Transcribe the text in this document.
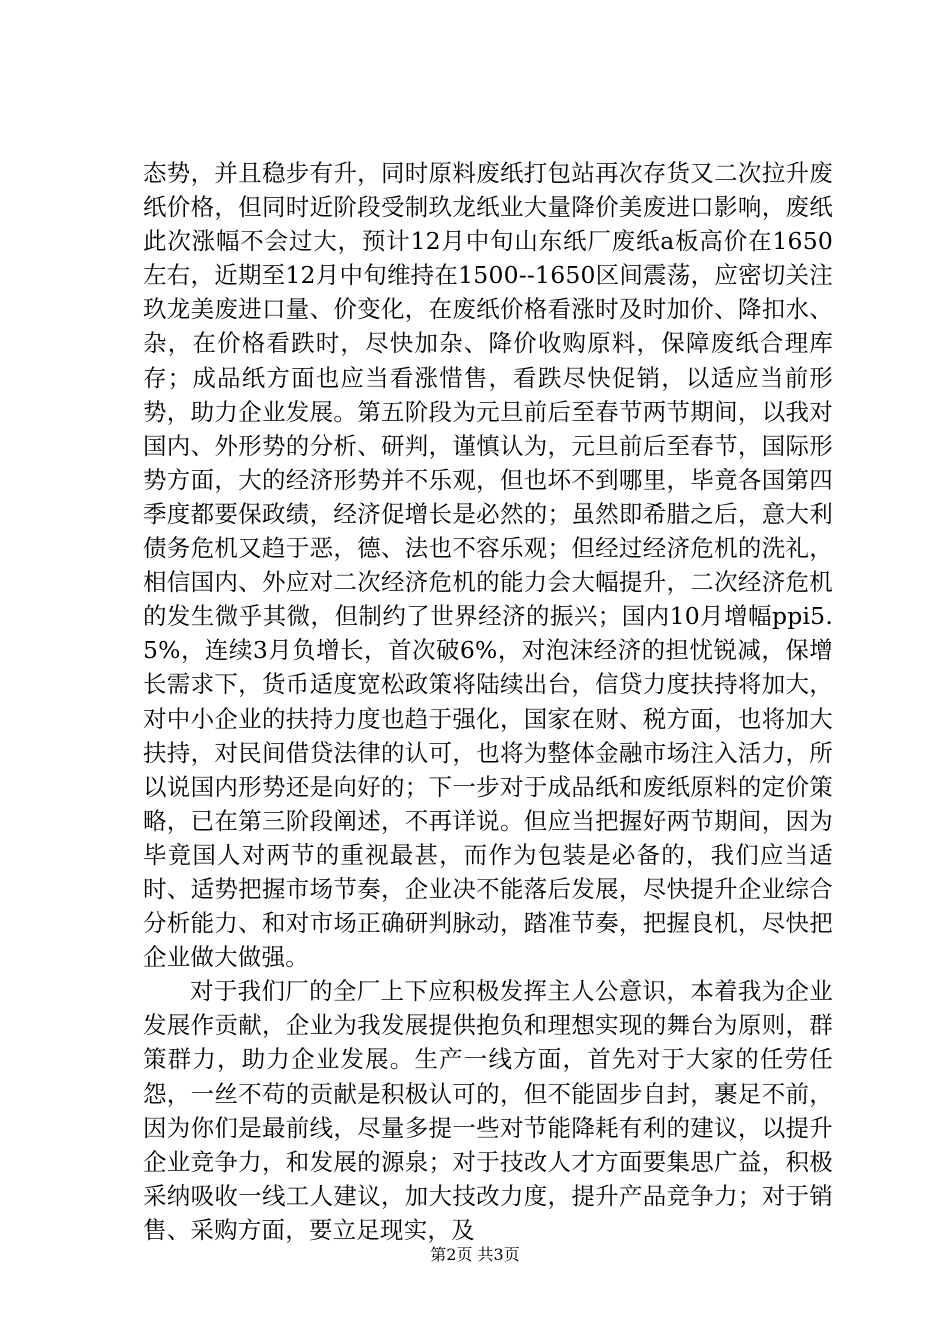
态势，并且稳步有升，同时原料废纸打包站再次存货又二次拉升废纸价格，但同时近阶段受制玖龙纸业大量降价美废进口影响，废纸此次涨幅不会过大，预计12月中旬山东纸厂废纸a板高价在1650左右，近期至12月中旬维持在1500--1650区间震荡，应密切关注玖龙美废进口量、价变化，在废纸价格看涨时及时加价、降扣水、杂，在价格看跌时，尽快加杂、降价收购原料，保障废纸合理库存；成品纸方面也应当看涨惜售，看跌尽快促销，以适应当前形势，助力企业发展。第五阶段为元旦前后至春节两节期间，以我对国内、外形势的分析、研判，谨慎认为，元旦前后至春节，国际形势方面，大的经济形势并不乐观，但也坏不到哪里，毕竟各国第四季度都要保政绩，经济促增长是必然的；虽然即希腊之后，意大利债务危机又趋于恶，德、法也不容乐观；但经过经济危机的洗礼，相信国内、外应对二次经济危机的能力会大幅提升，二次经济危机的发生微乎其微，但制约了世界经济的振兴；国内10月增幅ppi5.5%，连续3月负增长，首次破6%，对泡沫经济的担忧锐减，保增长需求下，货币适度宽松政策将陆续出台，信贷力度扶持将加大，对中小企业的扶持力度也趋于强化，国家在财、税方面，也将加大扶持，对民间借贷法律的认可，也将为整体金融市场注入活力，所以说国内形势还是向好的；下一步对于成品纸和废纸原料的定价策略，已在第三阶段阐述，不再详说。但应当把握好两节期间，因为毕竟国人对两节的重视最甚，而作为包装是必备的，我们应当适时、适势把握市场节奏，企业决不能落后发展，尽快提升企业综合分析能力、和对市场正确研判脉动，踏准节奏，把握良机，尽快把企业做大做强。

对于我们厂的全厂上下应积极发挥主人公意识，本着我为企业发展作贡献，企业为我发展提供抱负和理想实现的舞台为原则，群策群力，助力企业发展。生产一线方面，首先对于大家的任劳任怨，一丝不苟的贡献是积极认可的，但不能固步自封，裹足不前，因为你们是最前线，尽量多提一些对节能降耗有利的建议，以提升企业竞争力，和发展的源泉；对于技改人才方面要集思广益，积极采纳吸收一线工人建议，加大技改力度，提升产品竞争力；对于销售、采购方面，要立足现实，及

第2页 共3页
